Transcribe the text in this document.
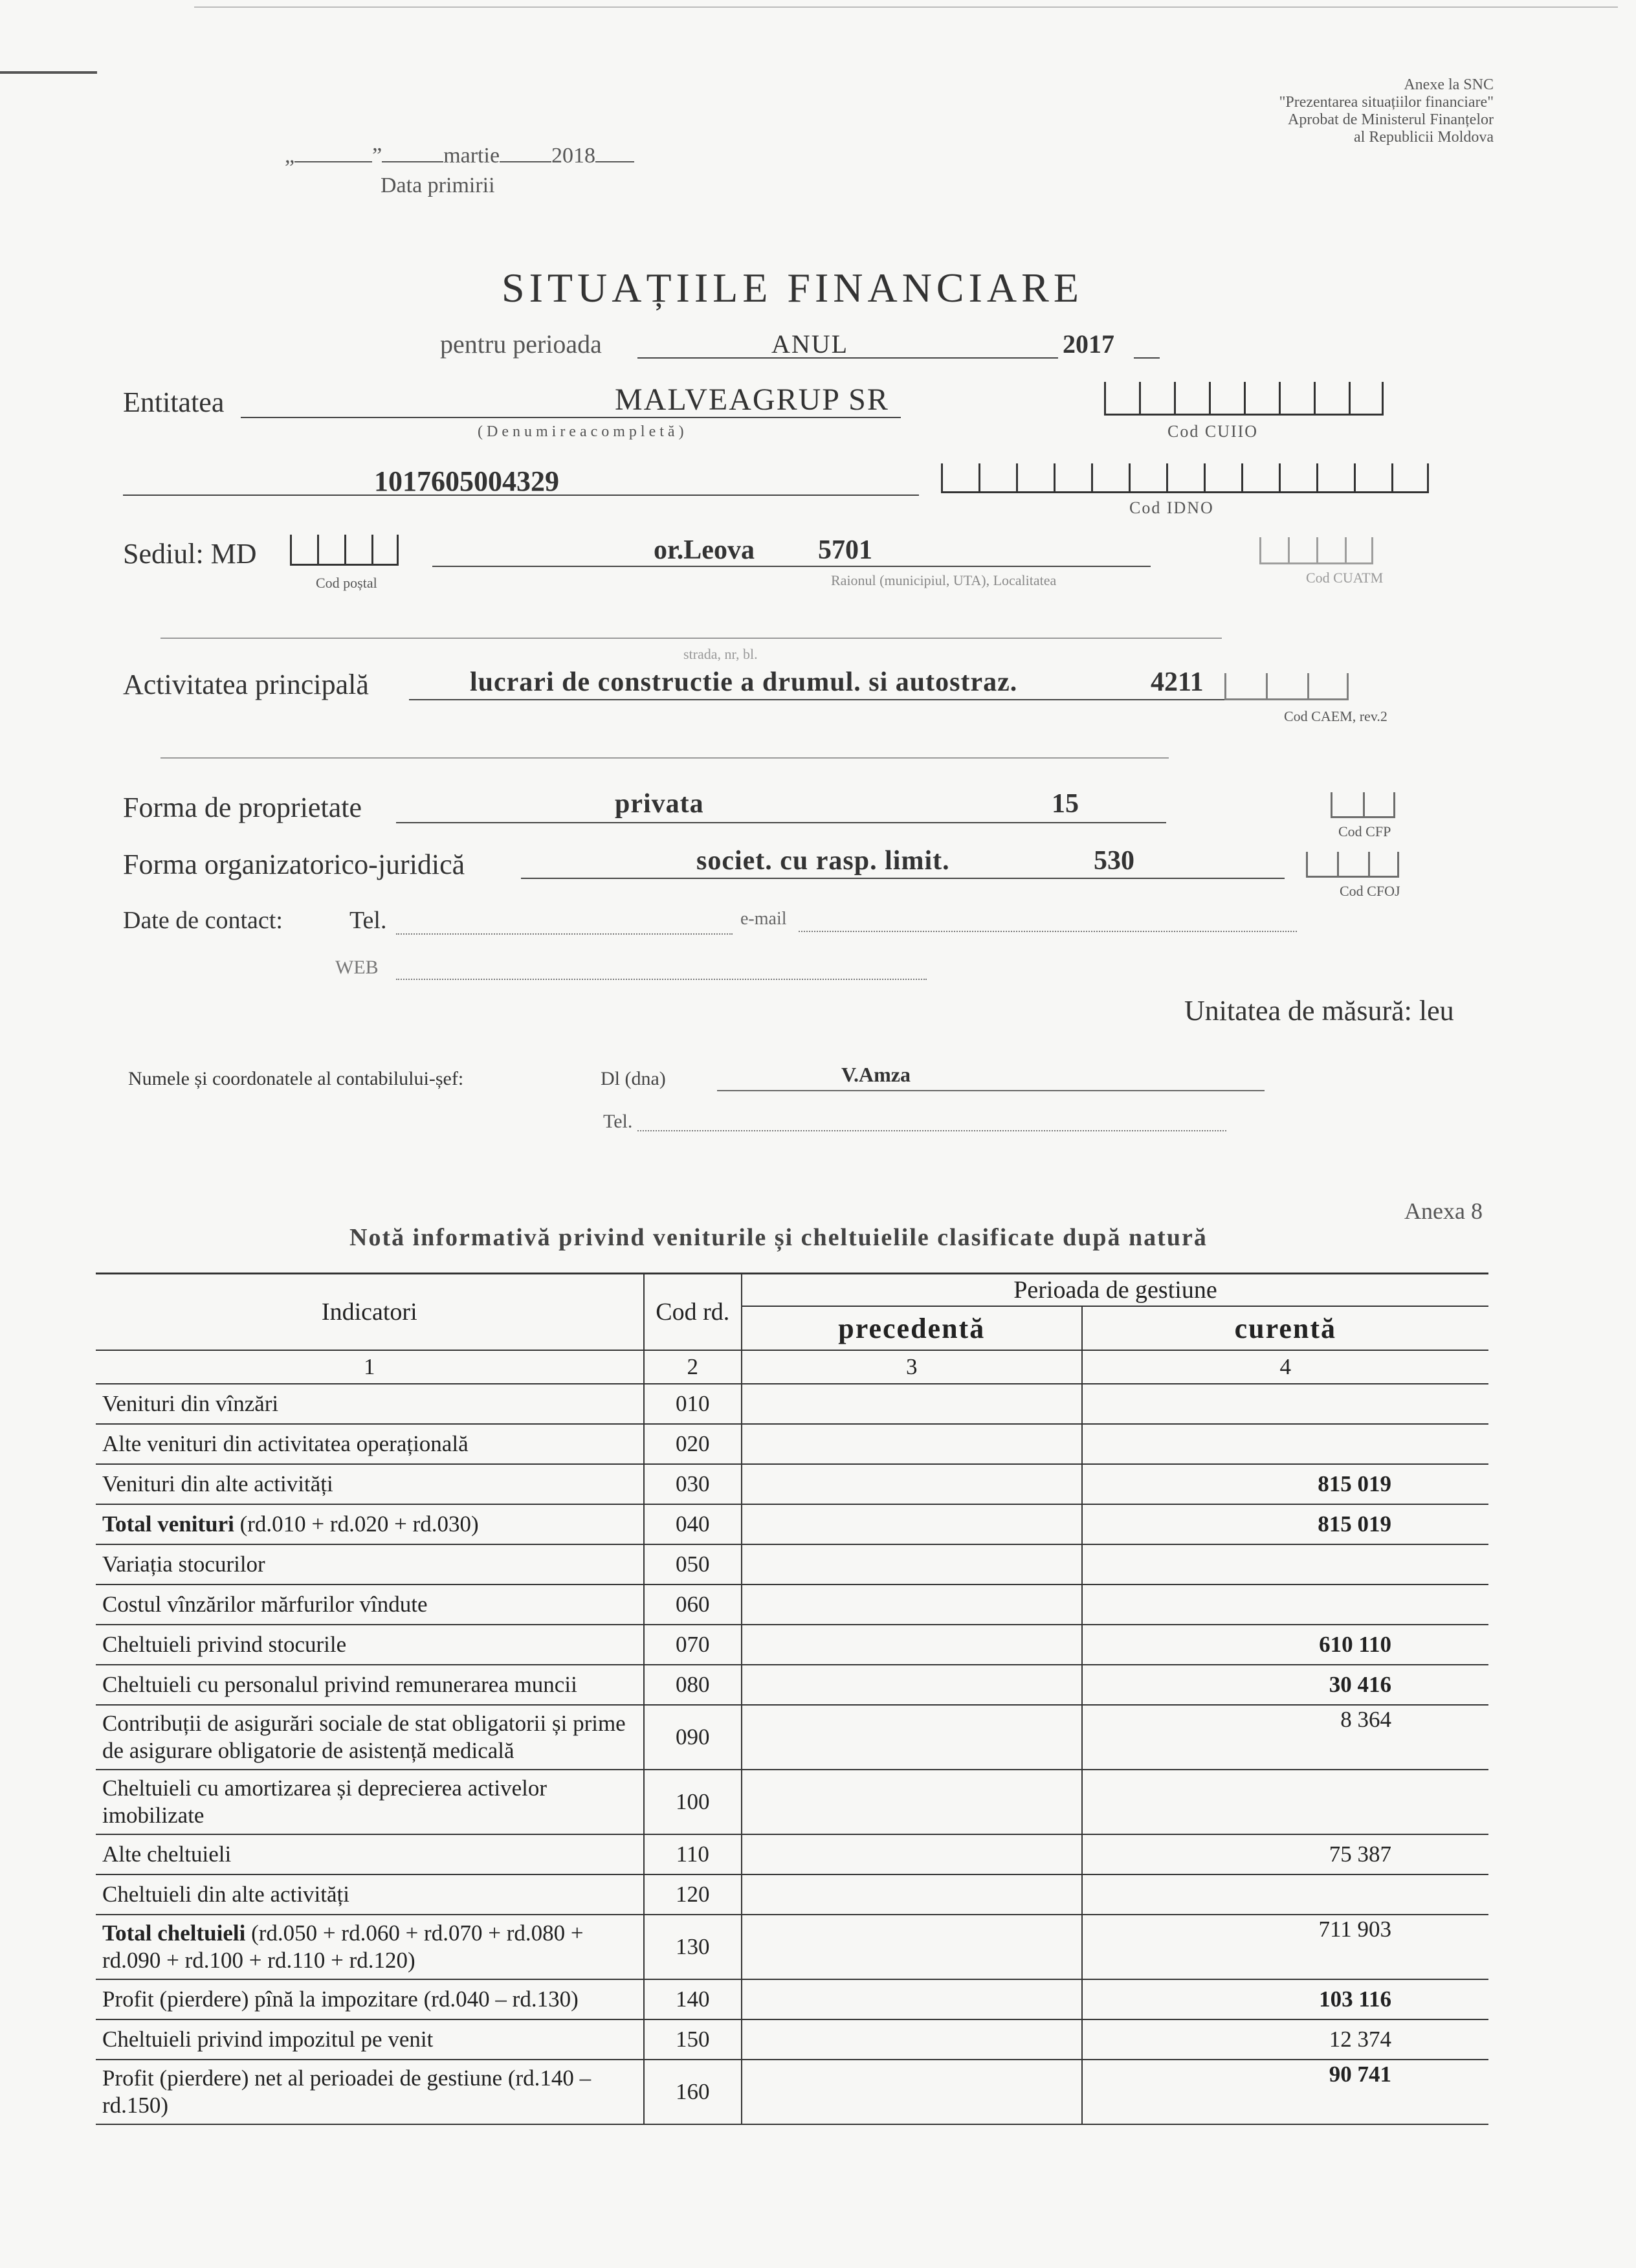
Anexe la SNC
"Prezentarea situațiilor financiare"
Aprobat de Ministerul Finanțelor
al Republicii Moldova
„	”	martie 2018
Data primirii
SITUAȚIILE FINANCIARE
pentru perioada	ANUL	2017
Entitatea	MALVEAGRUP SR
( D e n u m i r e a c o m p l e t ă )	Cod CUIIO
1017605004329
Cod IDNO
Sediul: MD
Cod poștal
or.Leova 5701
Raionul (municipiul, UTA), Localitatea	Cod CUATM
strada, nr, bl.
Activitatea principală	lucrari de constructie a drumul. si autostraz.	4211
Cod CAEM, rev.2
Forma de proprietate	privata	15
Cod CFP
Forma organizatorico-juridică	societ. cu rasp. limit.	530
Cod CFOJ
Date de contact:	Tel.	e-mail
WEB
Unitatea de măsură: leu
Numele și coordonatele al contabilului-șef:	Dl (dna)	V.Amza
Tel.
Anexa 8
Notă informativă privind veniturile și cheltuielile clasificate după natură
Indicatori	Cod rd.	Perioada de gestiune	
		precedentă	curentă
1	2	3	4
Venituri din vînzări	010		
Alte venituri din activitatea operațională	020		
Venituri din alte activități	030		815 019
Total venituri (rd.010 + rd.020 + rd.030)	040		815 019
Variația stocurilor	050		
Costul vînzărilor mărfurilor vîndute	060		
Cheltuieli privind stocurile	070		610 110
Cheltuieli cu personalul privind remunerarea muncii	080		30 416
Contribuții de asigurări sociale de stat obligatorii și prime de asigurare obligatorie de asistență medicală	090		8 364
Cheltuieli cu amortizarea și deprecierea activelor imobilizate	100		
Alte cheltuieli	110		75 387
Cheltuieli din alte activități	120		
Total cheltuieli (rd.050 + rd.060 + rd.070 + rd.080 + rd.090 + rd.100 + rd.110 + rd.120)	130		711 903
Profit (pierdere) pînă la impozitare (rd.040 – rd.130)	140		103 116
Cheltuieli privind impozitul pe venit	150		12 374
Profit (pierdere) net al perioadei de gestiune (rd.140 – rd.150)	160		90 741
